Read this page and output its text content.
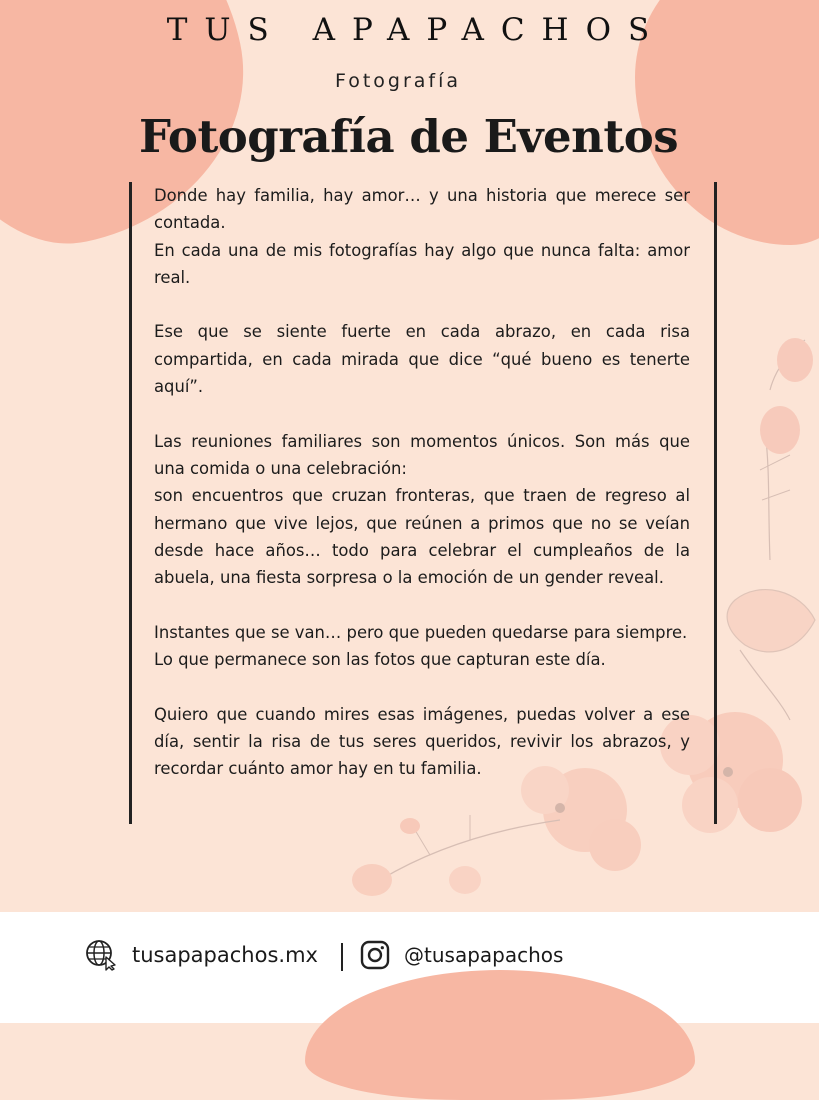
TUS APAPACHOS
Fotografía
Fotografía de Eventos

Donde hay familia, hay amor… y una historia que merece ser contada.
En cada una de mis fotografías hay algo que nunca falta: amor real.

Ese que se siente fuerte en cada abrazo, en cada risa compartida, en cada mirada que dice “qué bueno es tenerte aquí”.

Las reuniones familiares son momentos únicos. Son más que una comida o una celebración:
son encuentros que cruzan fronteras, que traen de regreso al hermano que vive lejos, que reúnen a primos que no se veían desde hace años… todo para celebrar el cumpleaños de la abuela, una fiesta sorpresa o la emoción de un gender reveal.

Instantes que se van… pero que pueden quedarse para siempre.
Lo que permanece son las fotos que capturan este día.

Quiero que cuando mires esas imágenes, puedas volver a ese día, sentir la risa de tus seres queridos, revivir los abrazos, y recordar cuánto amor hay en tu familia.

tusapapachos.mx	@tusapapachos
